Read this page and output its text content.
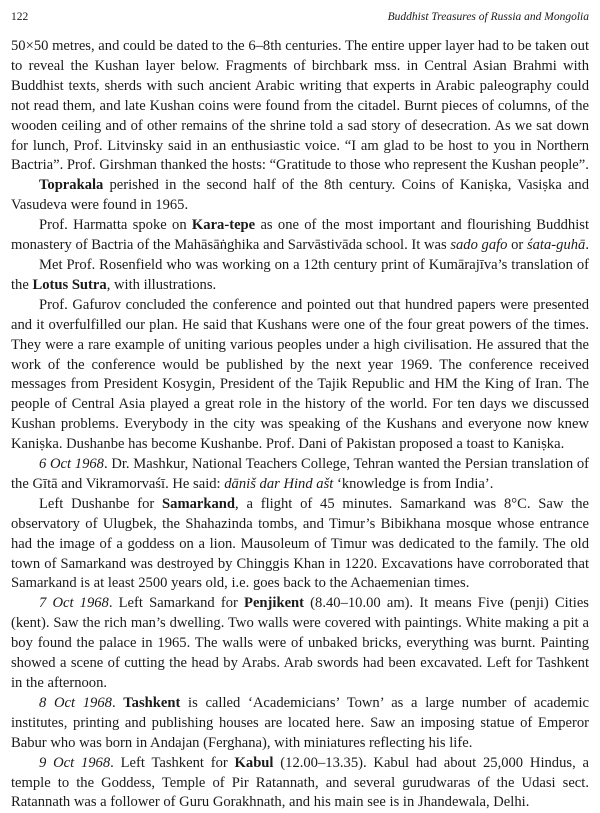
122	Buddhist Treasures of Russia and Mongolia

50×50 metres, and could be dated to the 6–8th centuries. The entire upper layer had to be taken out to reveal the Kushan layer below. Fragments of birchbark mss. in Central Asian Brahmi with Buddhist texts, sherds with such ancient Arabic writing that experts in Arabic paleography could not read them, and late Kushan coins were found from the citadel. Burnt pieces of columns, of the wooden ceiling and of other remains of the shrine told a sad story of desecration. As we sat down for lunch, Prof. Litvinsky said in an enthusiastic voice. “I am glad to be host to you in Northern Bactria”. Prof. Girshman thanked the hosts: “Gratitude to those who represent the Kushan people”.

Toprakala perished in the second half of the 8th century. Coins of Kaniṣka, Vasiṣka and Vasudeva were found in 1965.

Prof. Harmatta spoke on Kara-tepe as one of the most important and flourishing Buddhist monastery of Bactria of the Mahāsāṅghika and Sarvāstivāda school. It was sado gafo or śata-guhā.

Met Prof. Rosenfield who was working on a 12th century print of Kumārajīva’s translation of the Lotus Sutra, with illustrations.

Prof. Gafurov concluded the conference and pointed out that hundred papers were presented and it overfulfilled our plan. He said that Kushans were one of the four great powers of the times. They were a rare example of uniting various peoples under a high civilisation. He assured that the work of the conference would be published by the next year 1969. The conference received messages from President Kosygin, President of the Tajik Republic and HM the King of Iran. The people of Central Asia played a great role in the history of the world. For ten days we discussed Kushan problems. Everybody in the city was speaking of the Kushans and everyone now knew Kaniṣka. Dushanbe has become Kushanbe. Prof. Dani of Pakistan proposed a toast to Kaniṣka.

6 Oct 1968. Dr. Mashkur, National Teachers College, Tehran wanted the Persian translation of the Gītā and Vikramorvaśī. He said: dāniš dar Hind ašt ‘knowledge is from India’.

Left Dushanbe for Samarkand, a flight of 45 minutes. Samarkand was 8°C. Saw the observatory of Ulugbek, the Shahazinda tombs, and Timur’s Bibikhana mosque whose entrance had the image of a goddess on a lion. Mausoleum of Timur was dedicated to the family. The old town of Samarkand was destroyed by Chinggis Khan in 1220. Excavations have corroborated that Samarkand is at least 2500 years old, i.e. goes back to the Achaemenian times.

7 Oct 1968. Left Samarkand for Penjikent (8.40–10.00 am). It means Five (penji) Cities (kent). Saw the rich man’s dwelling. Two walls were covered with paintings. White making a pit a boy found the palace in 1965. The walls were of unbaked bricks, everything was burnt. Painting showed a scene of cutting the head by Arabs. Arab swords had been excavated. Left for Tashkent in the afternoon.

8 Oct 1968. Tashkent is called ‘Academicians’ Town’ as a large number of academic institutes, printing and publishing houses are located here. Saw an imposing statue of Emperor Babur who was born in Andajan (Ferghana), with miniatures reflecting his life.

9 Oct 1968. Left Tashkent for Kabul (12.00–13.35). Kabul had about 25,000 Hindus, a temple to the Goddess, Temple of Pir Ratannath, and several gurudwaras of the Udasi sect. Ratannath was a follower of Guru Gorakhnath, and his main see is in Jhandewala, Delhi.
